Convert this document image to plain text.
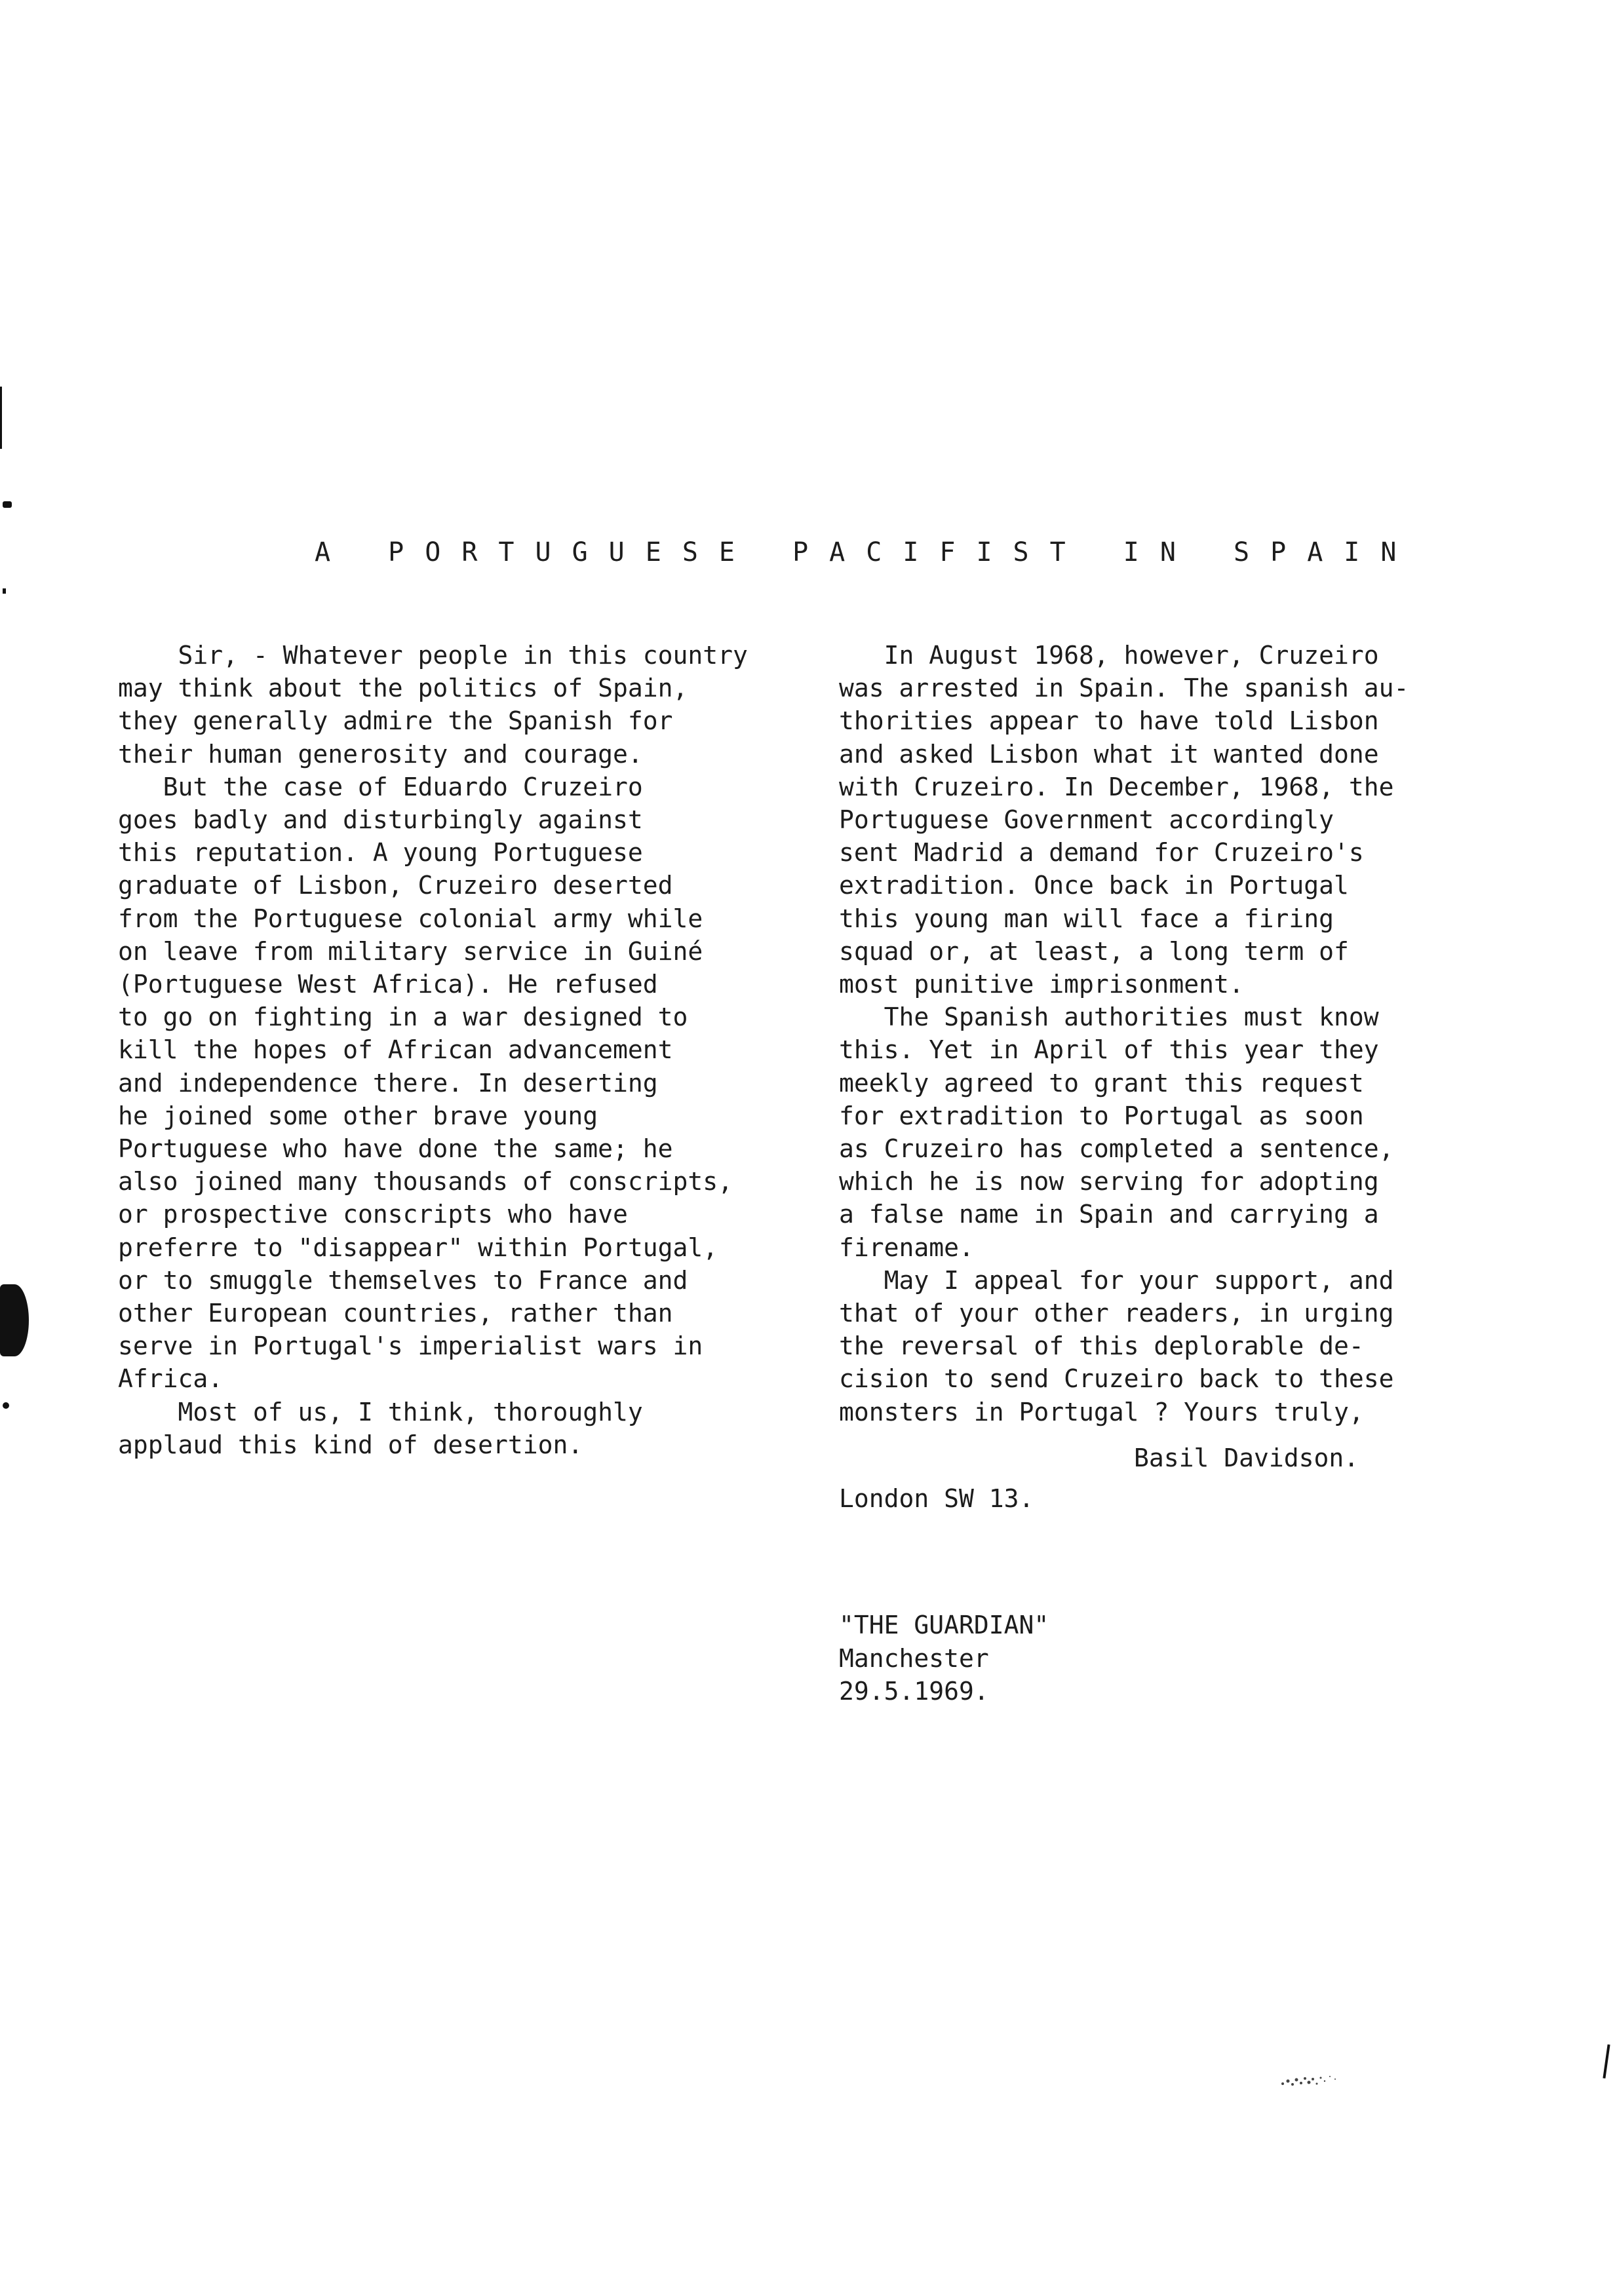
A PORTUGUESE PACIFIST IN SPAIN
Sir, - Whatever people in this country
may think about the politics of Spain,
they generally admire the Spanish for
their human generosity and courage.
But the case of Eduardo Cruzeiro
goes badly and disturbingly against
this reputation. A young Portuguese
graduate of Lisbon, Cruzeiro deserted
from the Portuguese colonial army while
on leave from military service in Guiné
(Portuguese West Africa). He refused
to go on fighting in a war designed to
kill the hopes of African advancement
and independence there. In deserting
he joined some other brave young
Portuguese who have done the same; he
also joined many thousands of conscripts,
or prospective conscripts who have
preferre to "disappear" within Portugal,
or to smuggle themselves to France and
other European countries, rather than
serve in Portugal's imperialist wars in
Africa.
Most of us, I think, thoroughly
applaud this kind of desertion.
In August 1968, however, Cruzeiro
was arrested in Spain. The spanish au-
thorities appear to have told Lisbon
and asked Lisbon what it wanted done
with Cruzeiro. In December, 1968, the
Portuguese Government accordingly
sent Madrid a demand for Cruzeiro's
extradition. Once back in Portugal
this young man will face a firing
squad or, at least, a long term of
most punitive imprisonment.
The Spanish authorities must know
this. Yet in April of this year they
meekly agreed to grant this request
for extradition to Portugal as soon
as Cruzeiro has completed a sentence,
which he is now serving for adopting
a false name in Spain and carrying a
firename.
May I appeal for your support, and
that of your other readers, in urging
the reversal of this deplorable de-
cision to send Cruzeiro back to these
monsters in Portugal ? Yours truly,
Basil Davidson.
London SW 13.
"THE GUARDIAN"
Manchester
29.5.1969.
